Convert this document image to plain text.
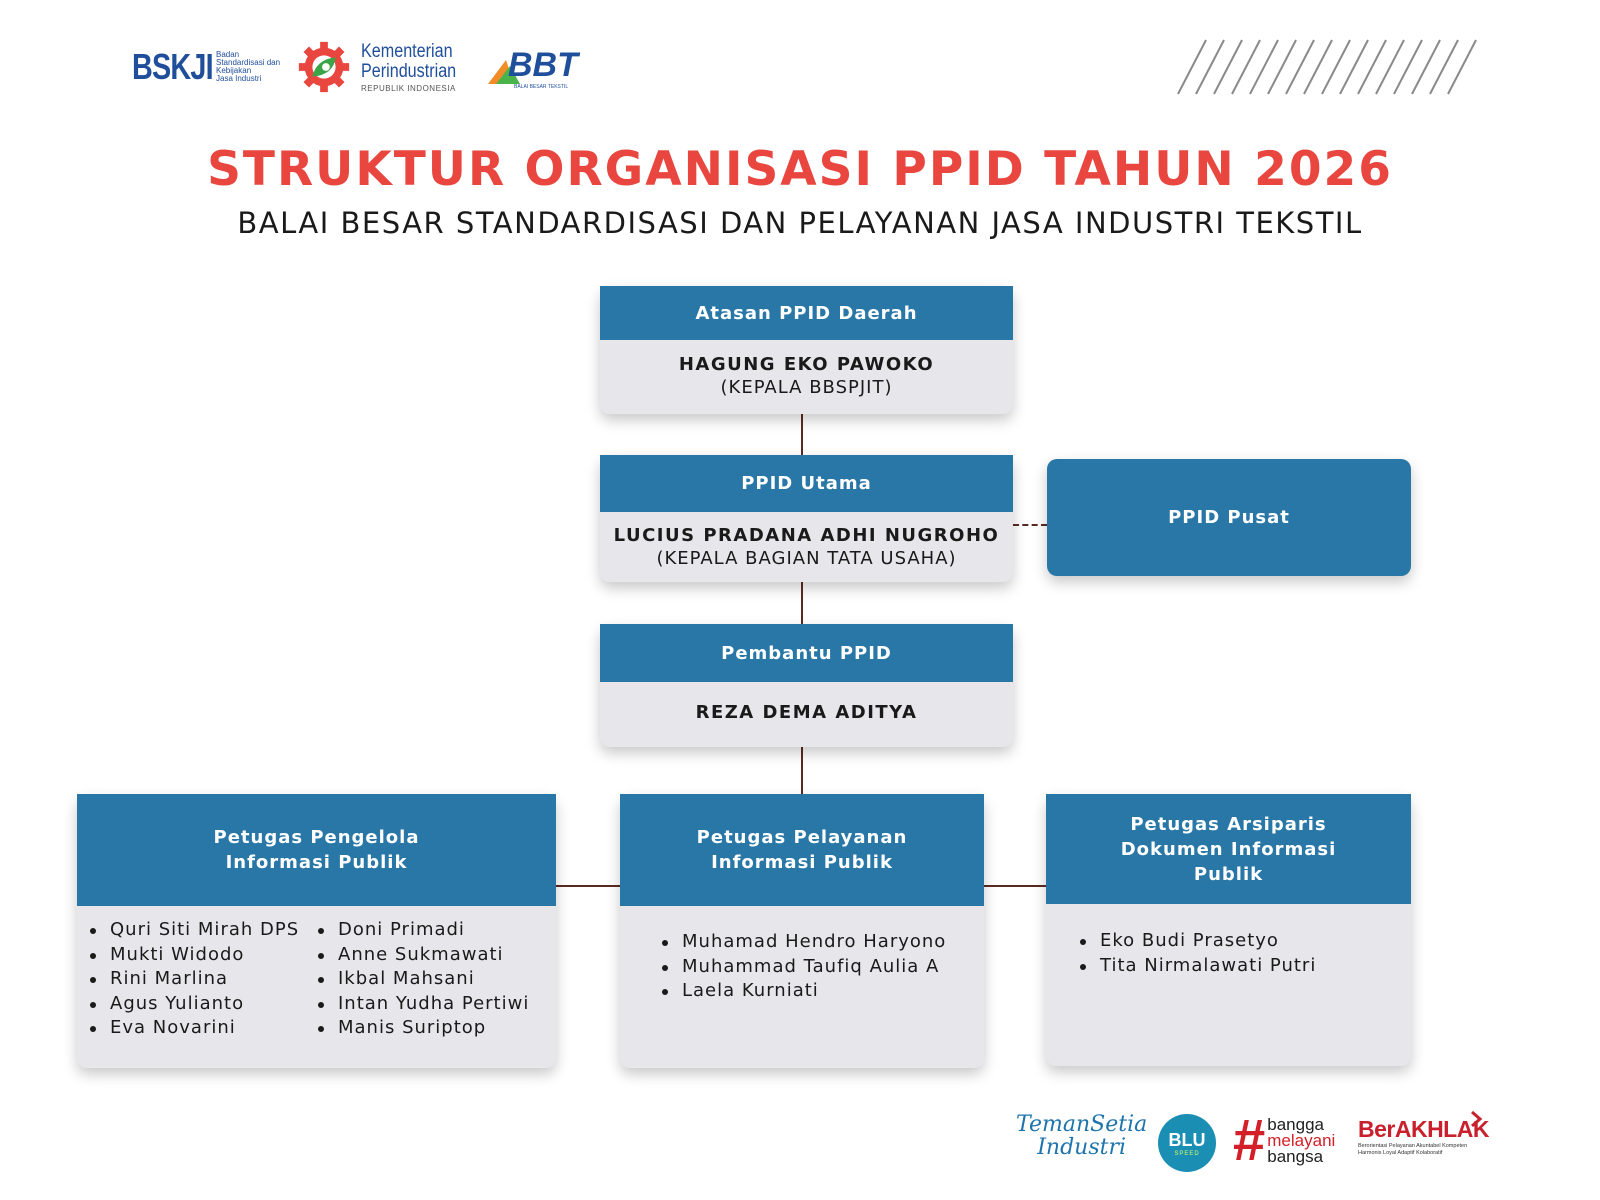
BSKJI Badan
Standardisasi dan
Kebijakan
Jasa Industri
Kementerian
Perindustrian
REPUBLIK INDONESIA
BBT
BALAI BESAR TEKSTIL
STRUKTUR ORGANISASI PPID TAHUN 2026
BALAI BESAR STANDARDISASI DAN PELAYANAN JASA INDUSTRI TEKSTIL
Atasan PPID Daerah
HAGUNG EKO PAWOKO
(KEPALA BBSPJIT)
PPID Utama
LUCIUS PRADANA ADHI NUGROHO
(KEPALA BAGIAN TATA USAHA)
PPID Pusat
Pembantu PPID
REZA DEMA ADITYA
Petugas Pengelola
Informasi Publik
Quri Siti Mirah DPS
Mukti Widodo
Rini Marlina
Agus Yulianto
Eva Novarini
Doni Primadi
Anne Sukmawati
Ikbal Mahsani
Intan Yudha Pertiwi
Manis Suriptop
Petugas Pelayanan
Informasi Publik
Muhamad Hendro Haryono
Muhammad Taufiq Aulia A
Laela Kurniati
Petugas Arsiparis
Dokumen Informasi
Publik
Eko Budi Prasetyo
Tita Nirmalawati Putri
TemanSetia
Industri	BLU
SPEED # bangga
melayani
bangsa
BerAKHLAK
Berorientasi Pelayanan Akuntabel Kompeten
Harmonis Loyal Adaptif Kolaboratif
